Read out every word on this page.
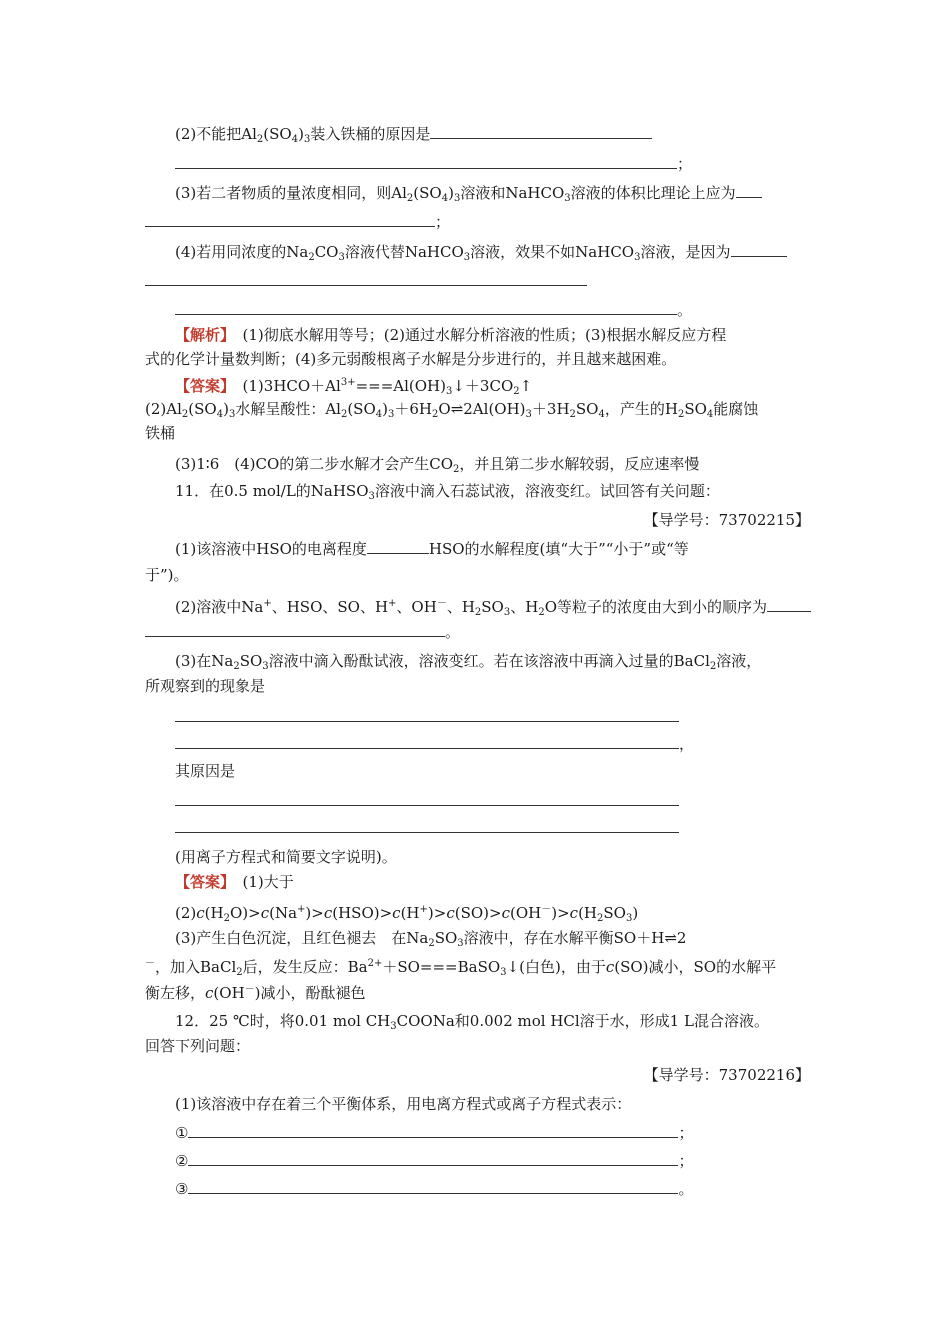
(2)不能把$Al_2(SO_4)_3$装入铁桶的原因是
；
(3)若二者物质的量浓度相同，则$Al_2(SO_4)_3$溶液和NaHCO$_3$溶液的体积比理论上应为
；
(4)若用同浓度的$Na_2CO_3$溶液代替NaHCO$_3$溶液，效果不如NaHCO$_3$溶液，是因为
。
【解析】　 (1)彻底水解用等号；(2)通过水解分析溶液的性质；(3)根据水解反应方程
式的化学计量数判断；(4)多元弱酸根离子水解是分步进行的，并且越来越困难。
【答案】　 $(1)3HCO+Al^{3+}===Al(OH)_3↓+3CO_2↑$
$(2)Al_2(SO_4)_3$水解呈酸性：$Al_2(SO_4)_3+6H_2O\rightleftharpoons 2Al(OH)_3+3H_2SO_4$，产生的$H_2SO_4$能腐蚀
铁桶
(3)1∶6　(4)CO的第二步水解才会产生$CO_2$，并且第二步水解较弱，反应速率慢
11．在0.5 mol/L的NaHSO$_3$溶液中滴入石蕊试液，溶液变红。试回答有关问题：
【导学号：73702215】
(1)该溶液中HSO的电离程度	HSO的水解程度(填“大于”“小于”或“等
于”)。
(2)溶液中Na+、HSO、SO、H+、OH－、$H_2SO_3$、$H_2O$等粒子的浓度由大到小的顺序为
。
(3)在$Na_2SO_3$溶液中滴入酚酞试液，溶液变红。若在该溶液中再滴入过量的BaCl$_2$溶液，
所观察到的现象是
，
其原因是
(用离子方程式和简要文字说明)。
【答案】　 (1)大于
$(2)c(H_2O)>c(Na^+)>c(HSO)>c(H^+)>c(SO)>c(OH^-)>c(H_2SO_3)$
(3)产生白色沉淀，且红色褪去　在$Na_2SO_3$溶液中，存在水解平衡SO＋H⇌2
－，加入BaCl$_2$后，发生反应：$Ba^{2+}+SO===BaSO_3↓$(白色)，由于c(SO)减小，SO的水解平
衡左移，c(OH－)减小，酚酞褪色
12．25 ℃时，将0.01 mol $CH_3COONa$和0.002 mol HCl溶于水，形成1 L混合溶液。
回答下列问题：
【导学号：73702216】
(1)该溶液中存在着三个平衡体系，用电离方程式或离子方程式表示：
①	；
②	；
③	。
